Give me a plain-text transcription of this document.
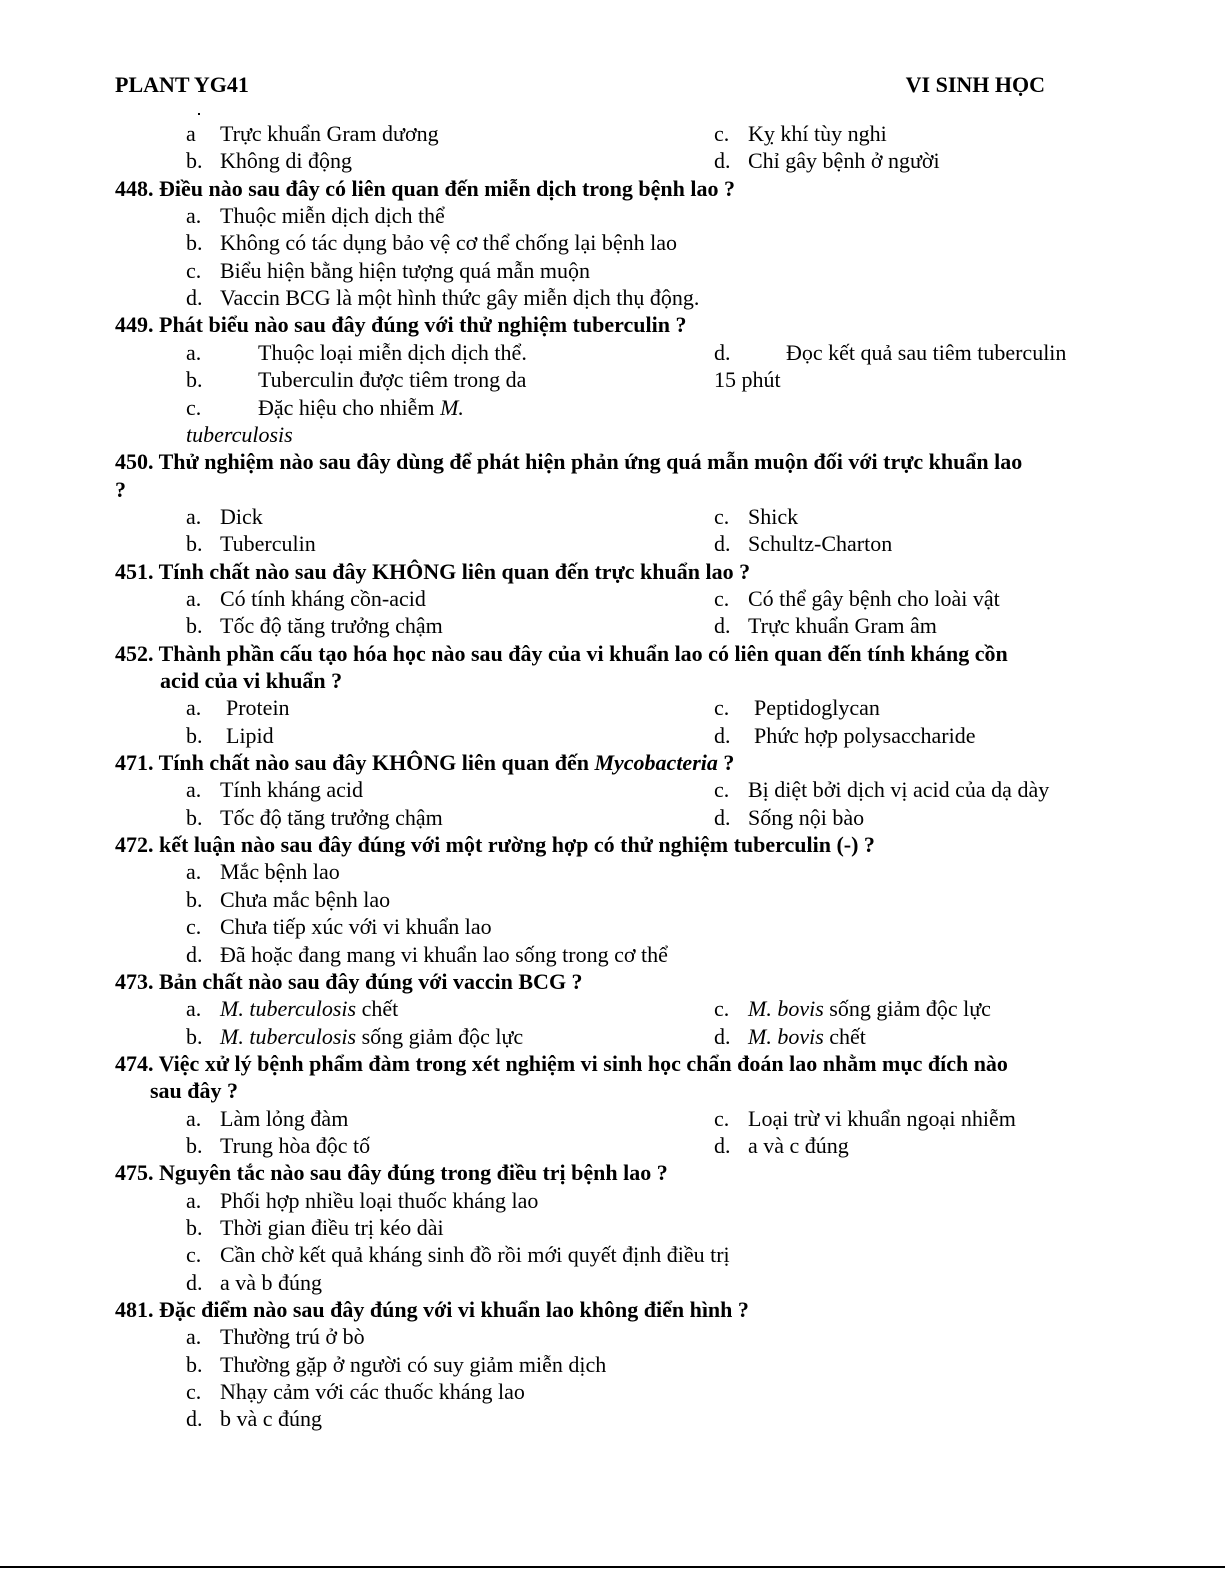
PLANT YG41	VI SINH HỌC
a Trực khuẩn Gram dương	c. Kỵ khí tùy nghi
b. Không di động	d. Chỉ gây bệnh ở người
448. Điều nào sau đây có liên quan đến miễn dịch trong bệnh lao ?
a. Thuộc miễn dịch dịch thể
b. Không có tác dụng bảo vệ cơ thể chống lại bệnh lao
c. Biểu hiện bằng hiện tượng quá mẫn muộn
d. Vaccin BCG là một hình thức gây miễn dịch thụ động.
449. Phát biểu nào sau đây đúng với thử nghiệm tuberculin ?
a.	Thuộc loại miễn dịch dịch thể.	d.	Đọc kết quả sau tiêm tuberculin
b.	Tuberculin được tiêm trong da	15 phút
c.	Đặc hiệu cho nhiễm M.
tuberculosis
450. Thử nghiệm nào sau đây dùng để phát hiện phản ứng quá mẫn muộn đối với trực khuẩn lao
?
a. Dick	c. Shick
b. Tuberculin	d. Schultz-Charton
451. Tính chất nào sau đây KHÔNG liên quan đến trực khuẩn lao ?
a. Có tính kháng cồn-acid	c. Có thể gây bệnh cho loài vật
b. Tốc độ tăng trưởng chậm	d. Trực khuẩn Gram âm
452. Thành phần cấu tạo hóa học nào sau đây của vi khuẩn lao có liên quan đến tính kháng cồn
acid của vi khuẩn ?
a. Protein	c. Peptidoglycan
b. Lipid	d. Phức hợp polysaccharide
471. Tính chất nào sau đây KHÔNG liên quan đến Mycobacteria ?
a. Tính kháng acid	c. Bị diệt bởi dịch vị acid của dạ dày
b. Tốc độ tăng trưởng chậm	d. Sống nội bào
472. kết luận nào sau đây đúng với một rường hợp có thử nghiệm tuberculin (-) ?
a. Mắc bệnh lao
b. Chưa mắc bệnh lao
c. Chưa tiếp xúc với vi khuẩn lao
d. Đã hoặc đang mang vi khuẩn lao sống trong cơ thể
473. Bản chất nào sau đây đúng với vaccin BCG ?
a. M. tuberculosis chết	c. M. bovis sống giảm độc lực
b. M. tuberculosis sống giảm độc lực	d. M. bovis chết
474. Việc xử lý bệnh phẩm đàm trong xét nghiệm vi sinh học chẩn đoán lao nhằm mục đích nào
sau đây ?
a. Làm lỏng đàm	c. Loại trừ vi khuẩn ngoại nhiễm
b. Trung hòa độc tố	d. a và c đúng
475. Nguyên tắc nào sau đây đúng trong điều trị bệnh lao ?
a. Phối hợp nhiều loại thuốc kháng lao
b. Thời gian điều trị kéo dài
c. Cần chờ kết quả kháng sinh đồ rồi mới quyết định điều trị
d. a và b đúng
481. Đặc điểm nào sau đây đúng với vi khuẩn lao không điển hình ?
a. Thường trú ở bò
b. Thường gặp ở người có suy giảm miễn dịch
c. Nhạy cảm với các thuốc kháng lao
d. b và c đúng
